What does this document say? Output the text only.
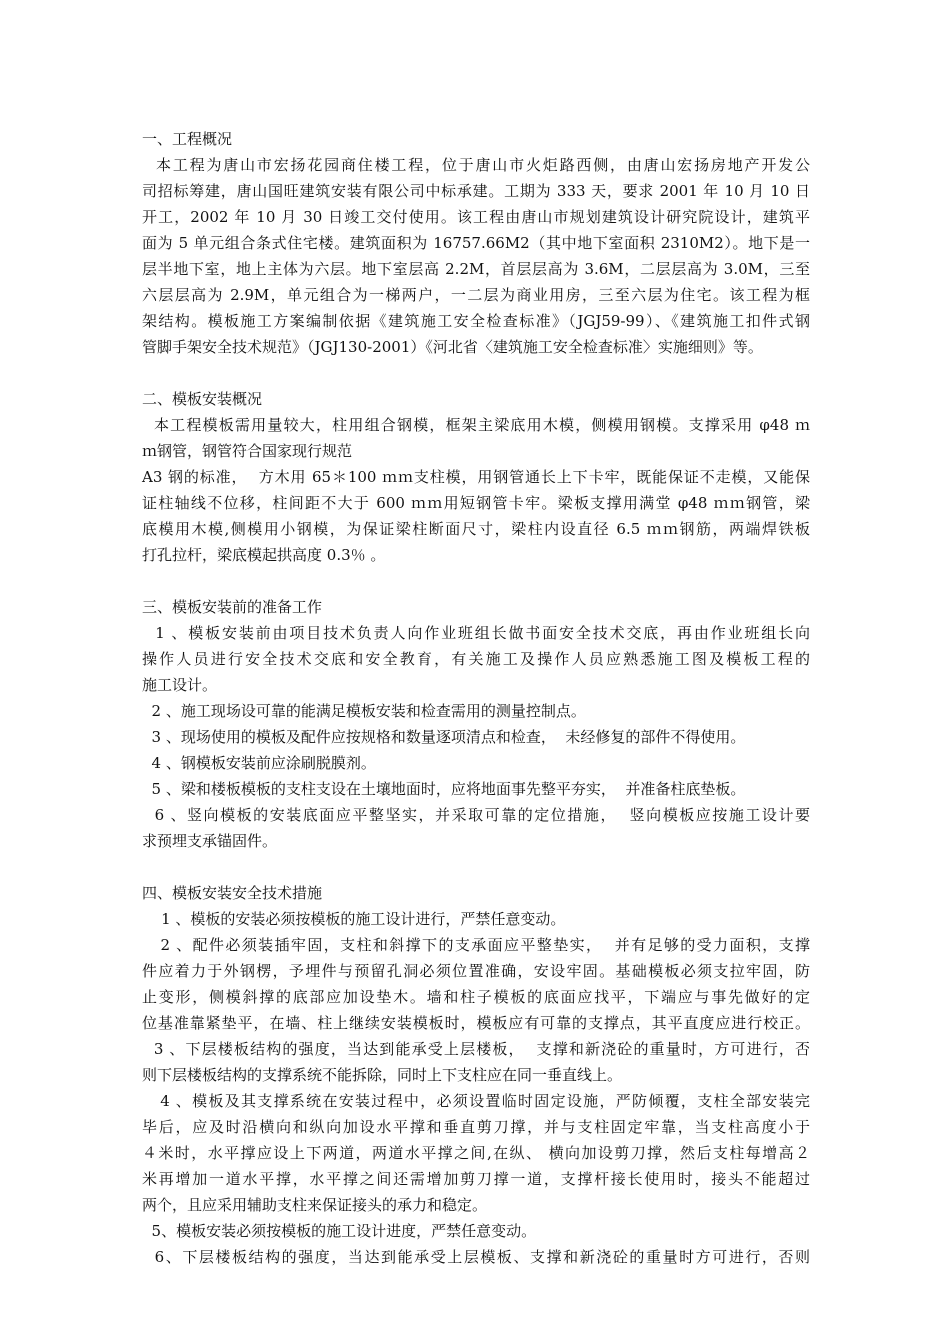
一、工程概况
本工程为唐山市宏扬花园商住楼工程，位于唐山市火炬路西侧，由唐山宏扬房地产开发公
司招标筹建，唐山国旺建筑安装有限公司中标承建。工期为 333 天，要求 2001 年 10 月 10 日
开工，2002 年 10 月 30 日竣工交付使用。该工程由唐山市规划建筑设计研究院设计，建筑平
面为 5 单元组合条式住宅楼。建筑面积为 16757.66M2（其中地下室面积 2310M2）。地下是一
层半地下室，地上主体为六层。地下室层高 2.2M，首层层高为 3.6M，二层层高为 3.0M，三至
六层层高为 2.9M，单元组合为一梯两户，一二层为商业用房，三至六层为住宅。该工程为框
架结构。模板施工方案编制依据《建筑施工安全检查标准》（JGJ59-99）、《建筑施工扣件式钢
管脚手架安全技术规范》（JGJ130-2001）《河北省〈建筑施工安全检查标准〉实施细则》等。
二、模板安装概况
本工程模板需用量较大，柱用组合钢模，框架主梁底用木模，侧模用钢模。支撑采用 φ48 ｍ
ｍ钢管，钢管符合国家现行规范
A3 钢的标准，  方木用 65＊100 ｍｍ支柱模，用钢管通长上下卡牢，既能保证不走模，又能保
证柱轴线不位移，柱间距不大于 600 ｍｍ用短钢管卡牢。梁板支撑用满堂 φ48 ｍｍ钢管，梁
底模用木模,侧模用小钢模，为保证梁柱断面尺寸，梁柱内设直径 6.5 ｍｍ钢筋，两端焊铁板
打孔拉杆，梁底模起拱高度 0.3％ 。
三、模板安装前的准备工作
1 、模板安装前由项目技术负责人向作业班组长做书面安全技术交底，再由作业班组长向
操作人员进行安全技术交底和安全教育，有关施工及操作人员应熟悉施工图及模板工程的
施工设计。
2 、施工现场设可靠的能满足模板安装和检查需用的测量控制点。
3 、现场使用的模板及配件应按规格和数量逐项清点和检查，  未经修复的部件不得使用。
4 、钢模板安装前应涂刷脱膜剂。
5 、梁和楼板模板的支柱支设在土壤地面时，应将地面事先整平夯实，  并准备柱底垫板。
6 、竖向模板的安装底面应平整坚实，并采取可靠的定位措施，  竖向模板应按施工设计要
求预埋支承锚固件。
四、模板安装安全技术措施
1 、模板的安装必须按模板的施工设计进行，严禁任意变动。
2 、配件必须装插牢固，支柱和斜撑下的支承面应平整垫实，  并有足够的受力面积，支撑
件应着力于外钢楞，予埋件与预留孔洞必须位置准确，安设牢固。基础模板必须支拉牢固，防
止变形，侧模斜撑的底部应加设垫木。墙和柱子模板的底面应找平，下端应与事先做好的定
位基准靠紧垫平，在墙、柱上继续安装模板时，模板应有可靠的支撑点，其平直度应进行校正。
3 、下层楼板结构的强度，当达到能承受上层楼板，  支撑和新浇砼的重量时，方可进行，否
则下层楼板结构的支撑系统不能拆除，同时上下支柱应在同一垂直线上。
4 、模板及其支撑系统在安装过程中，必须设置临时固定设施，严防倾覆，支柱全部安装完
毕后，应及时沿横向和纵向加设水平撑和垂直剪刀撑，并与支柱固定牢靠，当支柱高度小于
４米时，水平撑应设上下两道，两道水平撑之间,在纵、 横向加设剪刀撑，然后支柱每增高２
米再增加一道水平撑，水平撑之间还需增加剪刀撑一道，支撑杆接长使用时，接头不能超过
两个，且应采用辅助支柱来保证接头的承力和稳定。
5、模板安装必须按模板的施工设计进度，严禁任意变动。
6、下层楼板结构的强度，当达到能承受上层模板、支撑和新浇砼的重量时方可进行，否则
